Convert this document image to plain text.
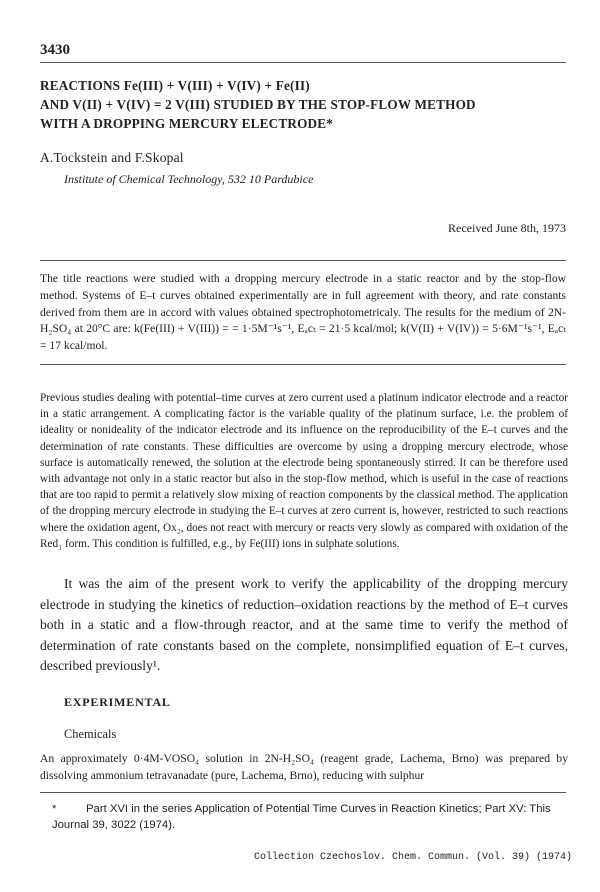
3430
REACTIONS Fe(III) + V(III) + V(IV) + Fe(II)
AND V(II) + V(IV) = 2 V(III) STUDIED BY THE STOP-FLOW METHOD
WITH A DROPPING MERCURY ELECTRODE*
A.Tockstein and F.Skopal
Institute of Chemical Technology, 532 10 Pardubice
Received June 8th, 1973

The title reactions were studied with a dropping mercury electrode in a static reactor and by the stop-flow method. Systems of E–t curves obtained experimentally are in full agreement with theory, and rate constants derived from them are in accord with values obtained spectrophotometricaly. The results for the medium of 2N-H₂SO₄ at 20°C are: k(Fe(III) + V(III)) = = 1·5M⁻¹s⁻¹, Eₐcₜ = 21·5 kcal/mol; k(V(II) + V(IV)) = 5·6M⁻¹s⁻¹, Eₐcₜ = 17 kcal/mol.

Previous studies dealing with potential–time curves at zero current used a platinum indicator electrode and a reactor in a static arrangement. A complicating factor is the variable quality of the platinum surface, i.e. the problem of ideality or nonideality of the indicator electrode and its influence on the reproducibility of the E–t curves and the determination of rate constants. These difficulties are overcome by using a dropping mercury electrode, whose surface is automatically renewed, the solution at the electrode being spontaneously stirred. It can be therefore used with advantage not only in a static reactor but also in the stop-flow method, which is useful in the case of reactions that are too rapid to permit a relatively slow mixing of reaction components by the classical method. The application of the dropping mercury electrode in studying the E–t curves at zero current is, however, restricted to such reactions where the oxidation agent, Ox₂, does not react with mercury or reacts very slowly as compared with oxidation of the Red₁ form. This condition is fulfilled, e.g., by Fe(III) ions in sulphate solutions.

It was the aim of the present work to verify the applicability of the dropping mercury electrode in studying the kinetics of reduction–oxidation reactions by the method of E–t curves both in a static and a flow-through reactor, and at the same time to verify the method of determination of rate constants based on the complete, nonsimplified equation of E–t curves, described previously¹.

EXPERIMENTAL
Chemicals

An approximately 0·4M-VOSO₄ solution in 2N-H₂SO₄ (reagent grade, Lachema, Brno) was prepared by dissolving ammonium tetravanadate (pure, Lachema, Brno), reducing with sulphur

*	Part XVI in the series Application of Potential Time Curves in Reaction Kinetics; Part XV: This Journal 39, 3022 (1974).
Collection Czechoslov. Chem. Commun. (Vol. 39) (1974)
